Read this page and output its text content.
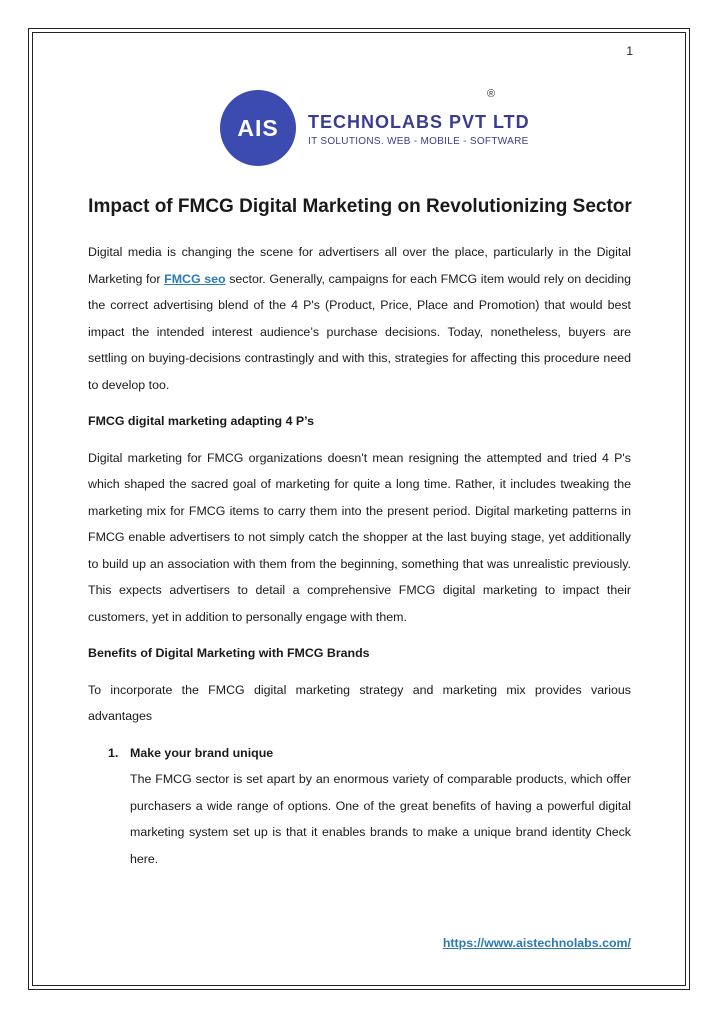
1
AIS TECHNOLABS PVT LTD
IT SOLUTIONS. WEB - MOBILE - SOFTWARE
®
Impact of FMCG Digital Marketing on Revolutionizing Sector

Digital media is changing the scene for advertisers all over the place, particularly in the Digital Marketing for FMCG seo sector. Generally, campaigns for each FMCG item would rely on deciding the correct advertising blend of the 4 P's (Product, Price, Place and Promotion) that would best impact the intended interest audience’s purchase decisions. Today, nonetheless, buyers are settling on buying-decisions contrastingly and with this, strategies for affecting this procedure need to develop too.

FMCG digital marketing adapting 4 P’s

Digital marketing for FMCG organizations doesn't mean resigning the attempted and tried 4 P's which shaped the sacred goal of marketing for quite a long time. Rather, it includes tweaking the marketing mix for FMCG items to carry them into the present period. Digital marketing patterns in FMCG enable advertisers to not simply catch the shopper at the last buying stage, yet additionally to build up an association with them from the beginning, something that was unrealistic previously. This expects advertisers to detail a comprehensive FMCG digital marketing to impact their customers, yet in addition to personally engage with them.

Benefits of Digital Marketing with FMCG Brands

To incorporate the FMCG digital marketing strategy and marketing mix provides various advantages

1. Make your brand unique
The FMCG sector is set apart by an enormous variety of comparable products, which offer purchasers a wide range of options. One of the great benefits of having a powerful digital marketing system set up is that it enables brands to make a unique brand identity Check here.
https://www.aistechnolabs.com/
